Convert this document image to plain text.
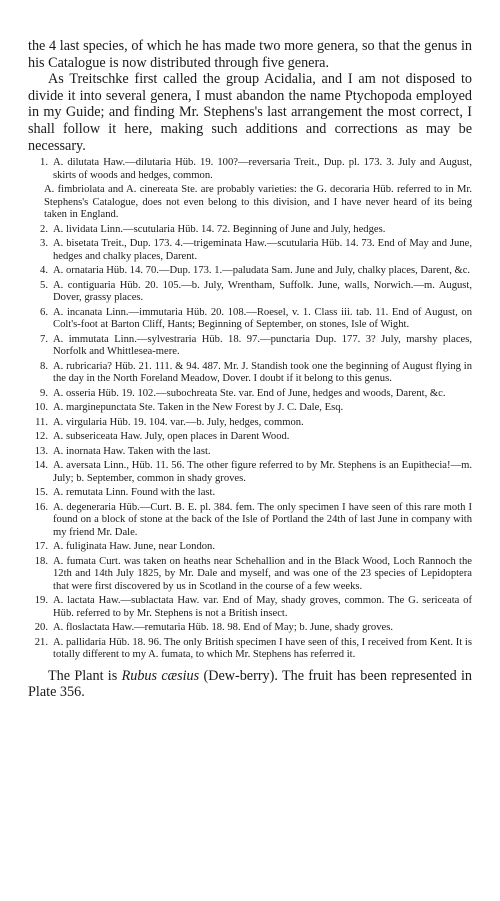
the 4 last species, of which he has made two more genera, so that the genus in his Catalogue is now distributed through five genera.

As Treitschke first called the group Acidalia, and I am not disposed to divide it into several genera, I must abandon the name Ptychopoda employed in my Guide; and finding Mr. Stephens's last arrangement the most correct, I shall follow it here, making such additions and corrections as may be necessary.

1. A. dilutata Haw.—dilutaria Hüb. 19. 100?—reversaria Treit., Dup. pl. 173. 3. July and August, skirts of woods and hedges, common.
A. fimbriolata and A. cinereata Ste. are probably varieties: the G. decoraria Hüb. referred to in Mr. Stephens's Catalogue, does not even belong to this division, and I have never heard of its being taken in England.
2. A. lividata Linn.—scutularia Hüb. 14. 72. Beginning of June and July, hedges.
3. A. bisetata Treit., Dup. 173. 4.—trigeminata Haw.—scutularia Hüb. 14. 73. End of May and June, hedges and chalky places, Darent.
4. A. ornataria Hüb. 14. 70.—Dup. 173. 1.—paludata Sam. June and July, chalky places, Darent, &c.
5. A. contiguaria Hüb. 20. 105.—b. July, Wrentham, Suffolk. June, walls, Norwich.—m. August, Dover, grassy places.
6. A. incanata Linn.—immutaria Hüb. 20. 108.—Roesel, v. 1. Class iii. tab. 11. End of August, on Colt's-foot at Barton Cliff, Hants; Beginning of September, on stones, Isle of Wight.
7. A. immutata Linn.—sylvestraria Hüb. 18. 97.—punctaria Dup. 177. 3? July, marshy places, Norfolk and Whittlesea-mere.
8. A. rubricaria? Hüb. 21. 111. & 94. 487. Mr. J. Standish took one the beginning of August flying in the day in the North Foreland Meadow, Dover. I doubt if it belong to this genus.
9. A. osseria Hüb. 19. 102.—subochreata Ste. var. End of June, hedges and woods, Darent, &c.
10. A. marginepunctata Ste. Taken in the New Forest by J. C. Dale, Esq.
11. A. virgularia Hüb. 19. 104. var.—b. July, hedges, common.
12. A. subsericeata Haw. July, open places in Darent Wood.
13. A. inornata Haw. Taken with the last.
14. A. aversata Linn., Hüb. 11. 56. The other figure referred to by Mr. Stephens is an Eupithecia!—m. July; b. September, common in shady groves.
15. A. remutata Linn. Found with the last.
16. A. degeneraria Hüb.—Curt. B. E. pl. 384. fem. The only specimen I have seen of this rare moth I found on a block of stone at the back of the Isle of Portland the 24th of last June in company with my friend Mr. Dale.
17. A. fuliginata Haw. June, near London.
18. A. fumata Curt. was taken on heaths near Schehallion and in the Black Wood, Loch Rannoch the 12th and 14th July 1825, by Mr. Dale and myself, and was one of the 23 species of Lepidoptera that were first discovered by us in Scotland in the course of a few weeks.
19. A. lactata Haw.—sublactata Haw. var. End of May, shady groves, common. The G. sericeata of Hüb. referred to by Mr. Stephens is not a British insect.
20. A. floslactata Haw.—remutaria Hüb. 18. 98. End of May; b. June, shady groves.
21. A. pallidaria Hüb. 18. 96. The only British specimen I have seen of this, I received from Kent. It is totally different to my A. fumata, to which Mr. Stephens has referred it.

The Plant is Rubus cæsius (Dew-berry). The fruit has been represented in Plate 356.
